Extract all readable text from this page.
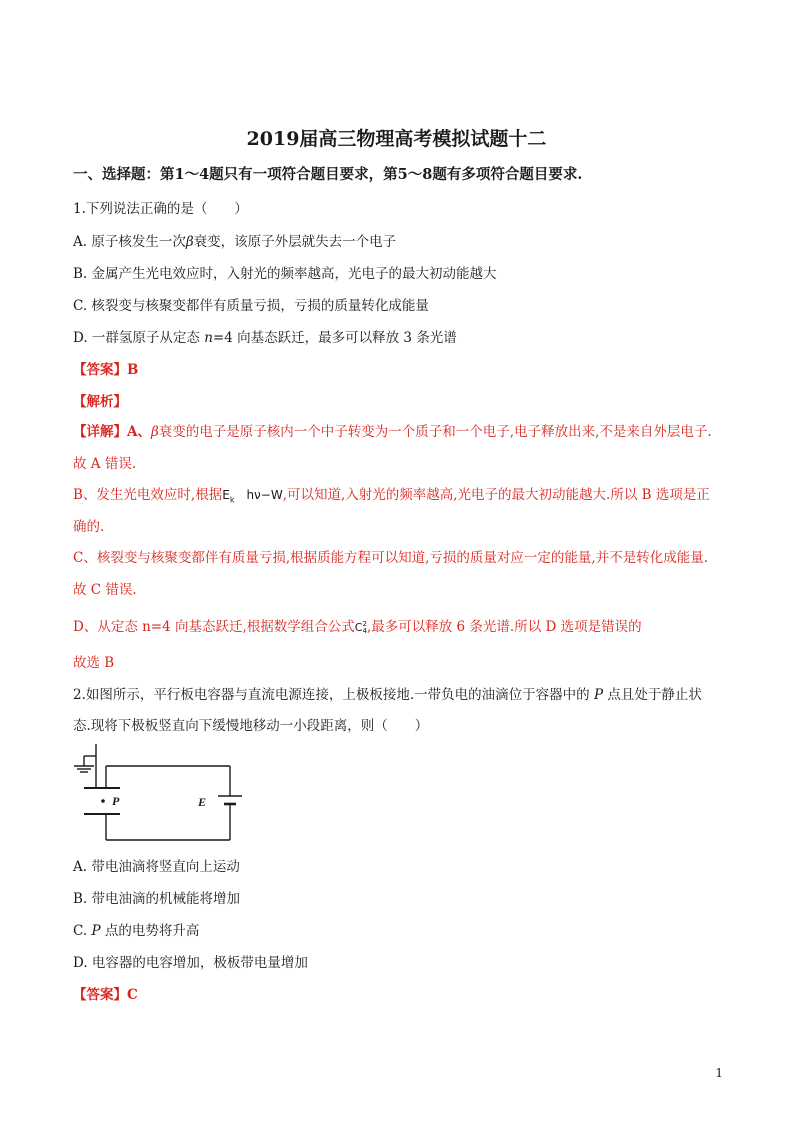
2019届高三物理高考模拟试题十二

一、选择题：第1～4题只有一项符合题目要求，第5～8题有多项符合题目要求.

1.下列说法正确的是（　　）

A. 原子核发生一次β衰变，该原子外层就失去一个电子

B. 金属产生光电效应时，入射光的频率越高，光电子的最大初动能越大

C. 核裂变与核聚变都伴有质量亏损，亏损的质量转化成能量

D. 一群氢原子从定态 n=4 向基态跃迁，最多可以释放 3 条光谱

【答案】B

【解析】

【详解】A、β衰变的电子是原子核内一个中子转变为一个质子和一个电子,电子释放出来,不是来自外层电子.

故 A 错误.

B、发生光电效应时,根据$E_k$ hν−W,可以知道,入射光的频率越高,光电子的最大初动能越大.所以 B 选项是正

确的.

C、核裂变与核聚变都伴有质量亏损,根据质能方程可以知道,亏损的质量对应一定的能量,并不是转化成能量.

故 C 错误.

D、从定态 n=4 向基态跃迁,根据数学组合公式C 2
4 ,最多可以释放 6 条光谱.所以 D 选项是错误的

故选 B

2.如图所示，平行板电容器与直流电源连接，上极板接地.一带负电的油滴位于容器中的 P 点且处于静止状

态.现将下极板竖直向下缓慢地移动一小段距离，则（　　）

P	E

A. 带电油滴将竖直向上运动

B. 带电油滴的机械能将增加

C. P 点的电势将升高

D. 电容器的电容增加，极板带电量增加

【答案】C

1
